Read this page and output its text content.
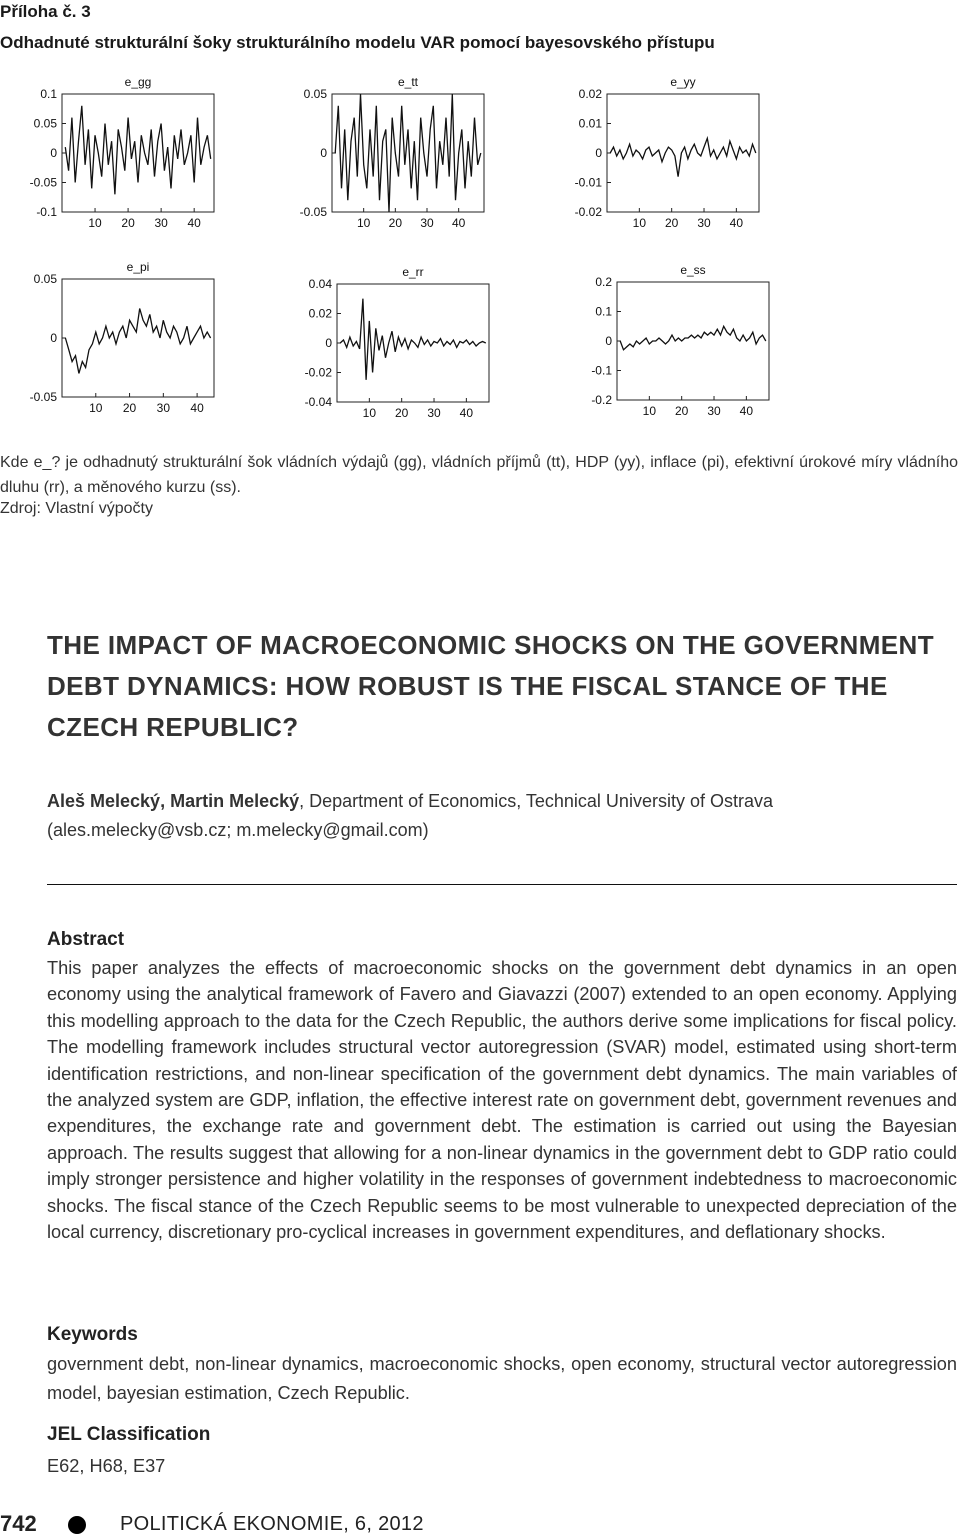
Příloha č. 3
Odhadnuté strukturální šoky strukturálního modelu VAR pomocí bayesovského přístupu
e_gg
-0.1
-0.05
0
0.05
0.1
10 20 30 40
e_tt
-0.05
0
0.05
10 20 30 40
e_yy
-0.02
-0.01
0
0.01
0.02
10 20 30 40
e_pi
-0.05
0
0.05
10 20 30 40
e_rr
-0.04
-0.02
0
0.02
0.04
10 20 30 40
e_ss
-0.2
-0.1
0
0.1
0.2
10 20 30 40
Kde e_? je odhadnutý strukturální šok vládních výdajů (gg), vládních příjmů (tt), HDP (yy), inflace (pi), efektivní úrokové míry vládního dluhu (rr), a měnového kurzu (ss).
Zdroj: Vlastní výpočty
THE IMPACT OF MACROECONOMIC SHOCKS ON THE GOVERNMENT DEBT DYNAMICS: HOW ROBUST IS THE FISCAL STANCE OF THE CZECH REPUBLIC?
Aleš Melecký, Martin Melecký, Department of Economics, Technical University of Ostrava (ales.melecky@vsb.cz; m.melecky@gmail.com)
Abstract
This paper analyzes the effects of macroeconomic shocks on the government debt dynamics in an open economy using the analytical framework of Favero and Giavazzi (2007) extended to an open economy. Applying this modelling approach to the data for the Czech Republic, the authors derive some implications for fiscal policy. The modelling framework includes structural vector autoregression (SVAR) model, estimated using short-term identification restrictions, and non-linear specification of the government debt dynamics. The main variables of the analyzed system are GDP, inflation, the effective interest rate on government debt, government revenues and expenditures, the exchange rate and government debt. The estimation is carried out using the Bayesian approach. The results suggest that allowing for a non-linear dynamics in the government debt to GDP ratio could imply stronger persistence and higher volatility in the responses of government indebtedness to macroeconomic shocks. The fiscal stance of the Czech Republic seems to be most vulnerable to unexpected depreciation of the local currency, discretionary pro-cyclical increases in government expenditures, and deflationary shocks.
Keywords
government debt, non-linear dynamics, macroeconomic shocks, open economy, structural vector autoregression model, bayesian estimation, Czech Republic.
JEL Classification
E62, H68, E37
742	POLITICKÁ EKONOMIE, 6, 2012
